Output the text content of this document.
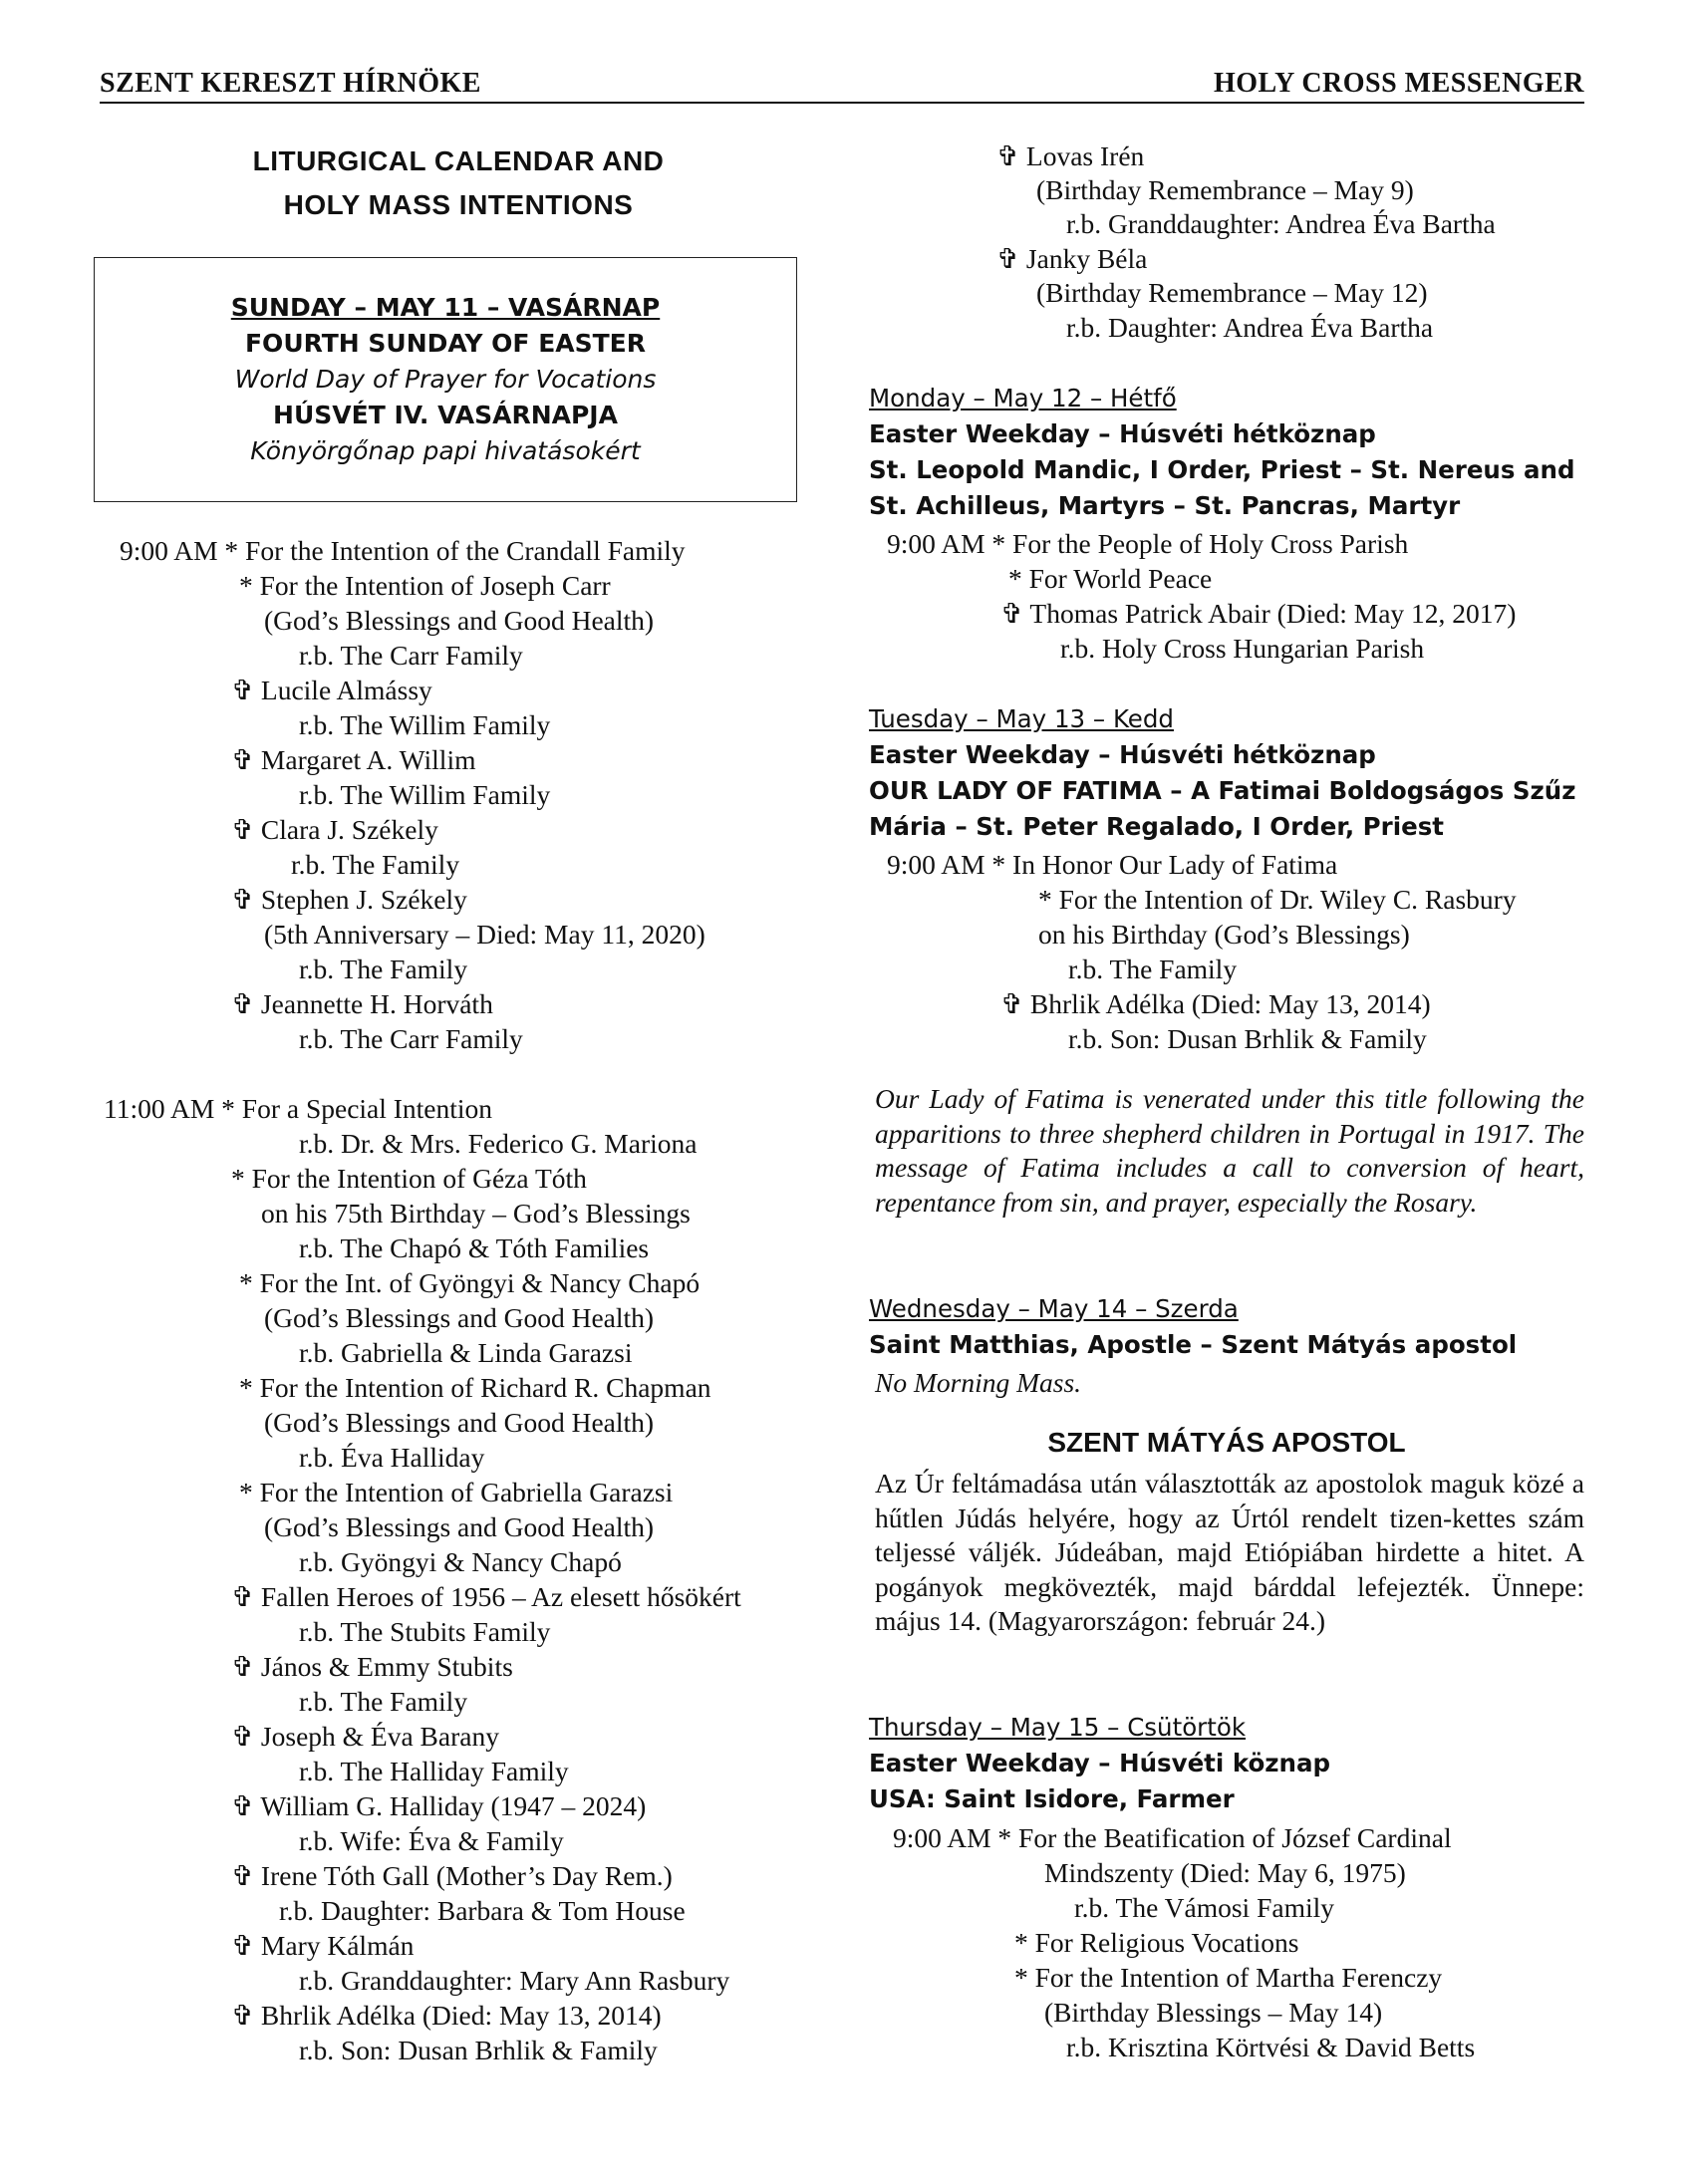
SZENT KERESZT HÍRNÖKE	HOLY CROSS MESSENGER
LITURGICAL CALENDAR AND
HOLY MASS INTENTIONS
SUNDAY – MAY 11 – VASÁRNAP
FOURTH SUNDAY OF EASTER
World Day of Prayer for Vocations
HÚSVÉT IV. VASÁRNAPJA
Könyörgőnap papi hivatásokért
9:00 AM * For the Intention of the Crandall Family
* For the Intention of Joseph Carr
(God’s Blessings and Good Health)
r.b. The Carr Family
✞ Lucile Almássy
r.b. The Willim Family
✞ Margaret A. Willim
r.b. The Willim Family
✞ Clara J. Székely
r.b. The Family
✞ Stephen J. Székely
(5th Anniversary – Died: May 11, 2020)
r.b. The Family
✞ Jeannette H. Horváth
r.b. The Carr Family
11:00 AM * For a Special Intention
r.b. Dr. & Mrs. Federico G. Mariona
* For the Intention of Géza Tóth
on his 75th Birthday – God’s Blessings
r.b. The Chapó & Tóth Families
* For the Int. of Gyöngyi & Nancy Chapó
(God’s Blessings and Good Health)
r.b. Gabriella & Linda Garazsi
* For the Intention of Richard R. Chapman
(God’s Blessings and Good Health)
r.b. Éva Halliday
* For the Intention of Gabriella Garazsi
(God’s Blessings and Good Health)
r.b. Gyöngyi & Nancy Chapó
✞ Fallen Heroes of 1956 – Az elesett hősökért
r.b. The Stubits Family
✞ János & Emmy Stubits
r.b. The Family
✞ Joseph & Éva Barany
r.b. The Halliday Family
✞ William G. Halliday (1947 – 2024)
r.b. Wife: Éva & Family
✞ Irene Tóth Gall (Mother’s Day Rem.)
r.b. Daughter: Barbara & Tom House
✞ Mary Kálmán
r.b. Granddaughter: Mary Ann Rasbury
✞ Bhrlik Adélka (Died: May 13, 2014)
r.b. Son: Dusan Brhlik & Family
✞ Lovas Irén
(Birthday Remembrance – May 9)
r.b. Granddaughter: Andrea Éva Bartha
✞ Janky Béla
(Birthday Remembrance – May 12)
r.b. Daughter: Andrea Éva Bartha
Monday – May 12 – Hétfő
Easter Weekday – Húsvéti hétköznap
St. Leopold Mandic, I Order, Priest – St. Nereus and
St. Achilleus, Martyrs – St. Pancras, Martyr
9:00 AM * For the People of Holy Cross Parish
* For World Peace
✞ Thomas Patrick Abair (Died: May 12, 2017)
r.b. Holy Cross Hungarian Parish
Tuesday – May 13 – Kedd
Easter Weekday – Húsvéti hétköznap
OUR LADY OF FATIMA – A Fatimai Boldogságos Szűz
Mária – St. Peter Regalado, I Order, Priest
9:00 AM * In Honor Our Lady of Fatima
* For the Intention of Dr. Wiley C. Rasbury
on his Birthday (God’s Blessings)
r.b. The Family
✞ Bhrlik Adélka (Died: May 13, 2014)
r.b. Son: Dusan Brhlik & Family
Our Lady of Fatima is venerated under this title following the apparitions to three shepherd children in Portugal in 1917. The message of Fatima includes a call to conversion of heart, repentance from sin, and prayer, especially the Rosary.
Wednesday – May 14 – Szerda
Saint Matthias, Apostle – Szent Mátyás apostol
No Morning Mass.
SZENT MÁTYÁS APOSTOL
Az Úr feltámadása után választották az apostolok maguk közé a hűtlen Júdás helyére, hogy az Úrtól rendelt tizen-kettes szám teljessé váljék. Júdeában, majd Etiópiában hirdette a hitet. A pogányok megkövezték, majd bárddal lefejezték. Ünnepe: május 14. (Magyarországon: február 24.)
Thursday – May 15 – Csütörtök
Easter Weekday – Húsvéti köznap
USA: Saint Isidore, Farmer
9:00 AM * For the Beatification of József Cardinal
Mindszenty (Died: May 6, 1975)
r.b. The Vámosi Family
* For Religious Vocations
* For the Intention of Martha Ferenczy
(Birthday Blessings – May 14)
r.b. Krisztina Körtvési & David Betts
